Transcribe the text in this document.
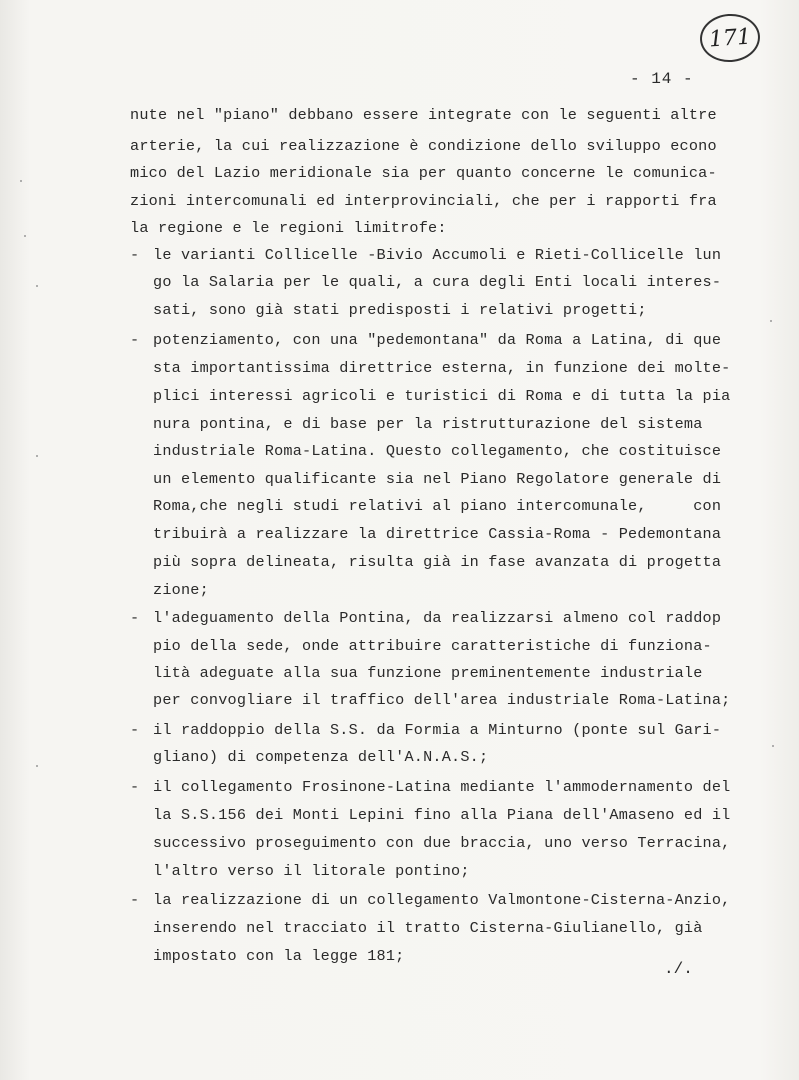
171
- 14 -
nute nel "piano" debbano essere integrate con le seguenti altre
arterie, la cui realizzazione è condizione dello sviluppo econo
mico del Lazio meridionale sia per quanto concerne le comunica-
zioni intercomunali ed interprovinciali, che per i rapporti fra
la regione e le regioni limitrofe:
- le varianti Collicelle -Bivio Accumoli e Rieti-Collicelle lun
go la Salaria per le quali, a cura degli Enti locali interes-
sati, sono già stati predisposti i relativi progetti;
- potenziamento, con una "pedemontana" da Roma a Latina, di que
sta importantissima direttrice esterna, in funzione dei molte-
plici interessi agricoli e turistici di Roma e di tutta la pia
nura pontina, e di base per la ristrutturazione del sistema
industriale Roma-Latina. Questo collegamento, che costituisce
un elemento qualificante sia nel Piano Regolatore generale di
Roma,che negli studi relativi al piano intercomunale,     con
tribuirà a realizzare la direttrice Cassia-Roma - Pedemontana
più sopra delineata, risulta già in fase avanzata di progetta
zione;
- l'adeguamento della Pontina, da realizzarsi almeno col raddop
pio della sede, onde attribuire caratteristiche di funziona-
lità adeguate alla sua funzione preminentemente industriale
per convogliare il traffico dell'area industriale Roma-Latina;
- il raddoppio della S.S. da Formia a Minturno (ponte sul Gari-
gliano) di competenza dell'A.N.A.S.;
- il collegamento Frosinone-Latina mediante l'ammodernamento del
la S.S.156 dei Monti Lepini fino alla Piana dell'Amaseno ed il
successivo proseguimento con due braccia, uno verso Terracina,
l'altro verso il litorale pontino;
- la realizzazione di un collegamento Valmontone-Cisterna-Anzio,
inserendo nel tracciato il tratto Cisterna-Giulianello, già
impostato con la legge 181;
./.
